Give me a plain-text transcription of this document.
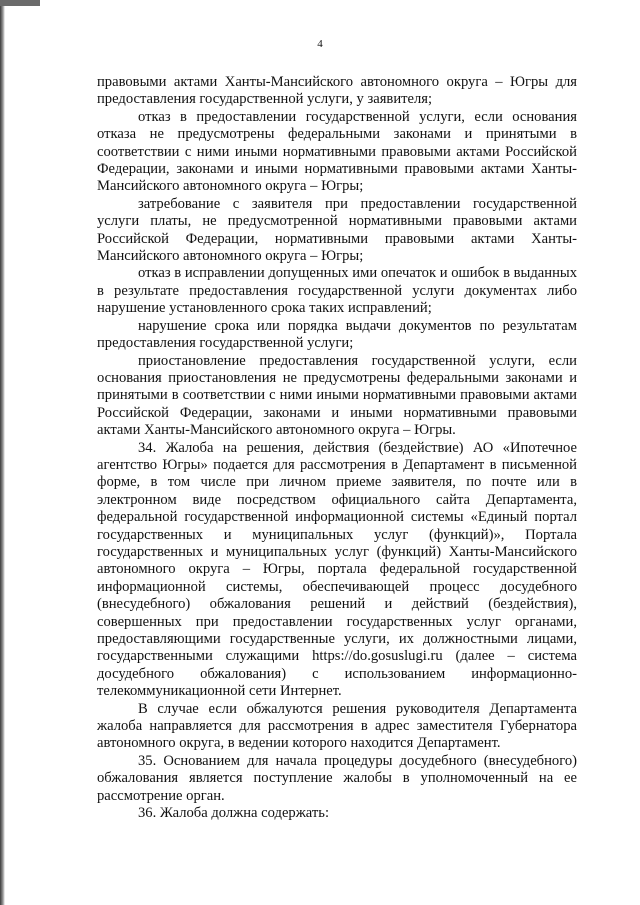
4

правовыми актами Ханты-Мансийского автономного округа – Югры для предоставления государственной услуги, у заявителя;

отказ в предоставлении государственной услуги, если основания отказа не предусмотрены федеральными законами и принятыми в соответствии с ними иными нормативными правовыми актами Российской Федерации, законами и иными нормативными правовыми актами Ханты-Мансийского автономного округа – Югры;

затребование с заявителя при предоставлении государственной услуги платы, не предусмотренной нормативными правовыми актами Российской Федерации, нормативными правовыми актами Ханты-Мансийского автономного округа – Югры;

отказ в исправлении допущенных ими опечаток и ошибок в выданных в результате предоставления государственной услуги документах либо нарушение установленного срока таких исправлений;

нарушение срока или порядка выдачи документов по результатам предоставления государственной услуги;

приостановление предоставления государственной услуги, если основания приостановления не предусмотрены федеральными законами и принятыми в соответствии с ними иными нормативными правовыми актами Российской Федерации, законами и иными нормативными правовыми актами Ханты-Мансийского автономного округа – Югры.

34. Жалоба на решения, действия (бездействие) АО «Ипотечное агентство Югры» подается для рассмотрения в Департамент в письменной форме, в том числе при личном приеме заявителя, по почте или в электронном виде посредством официального сайта Департамента, федеральной государственной информационной системы «Единый портал государственных и муниципальных услуг (функций)», Портала государственных и муниципальных услуг (функций) Ханты-Мансийского автономного округа – Югры, портала федеральной государственной информационной системы, обеспечивающей процесс досудебного (внесудебного) обжалования решений и действий (бездействия), совершенных при предоставлении государственных услуг органами, предоставляющими государственные услуги, их должностными лицами, государственными служащими https://do.gosuslugi.ru (далее – система досудебного обжалования) с использованием информационно-телекоммуникационной сети Интернет.

В случае если обжалуются решения руководителя Департамента жалоба направляется для рассмотрения в адрес заместителя Губернатора автономного округа, в ведении которого находится Департамент.

35. Основанием для начала процедуры досудебного (внесудебного) обжалования является поступление жалобы в уполномоченный на ее рассмотрение орган.

36. Жалоба должна содержать:
